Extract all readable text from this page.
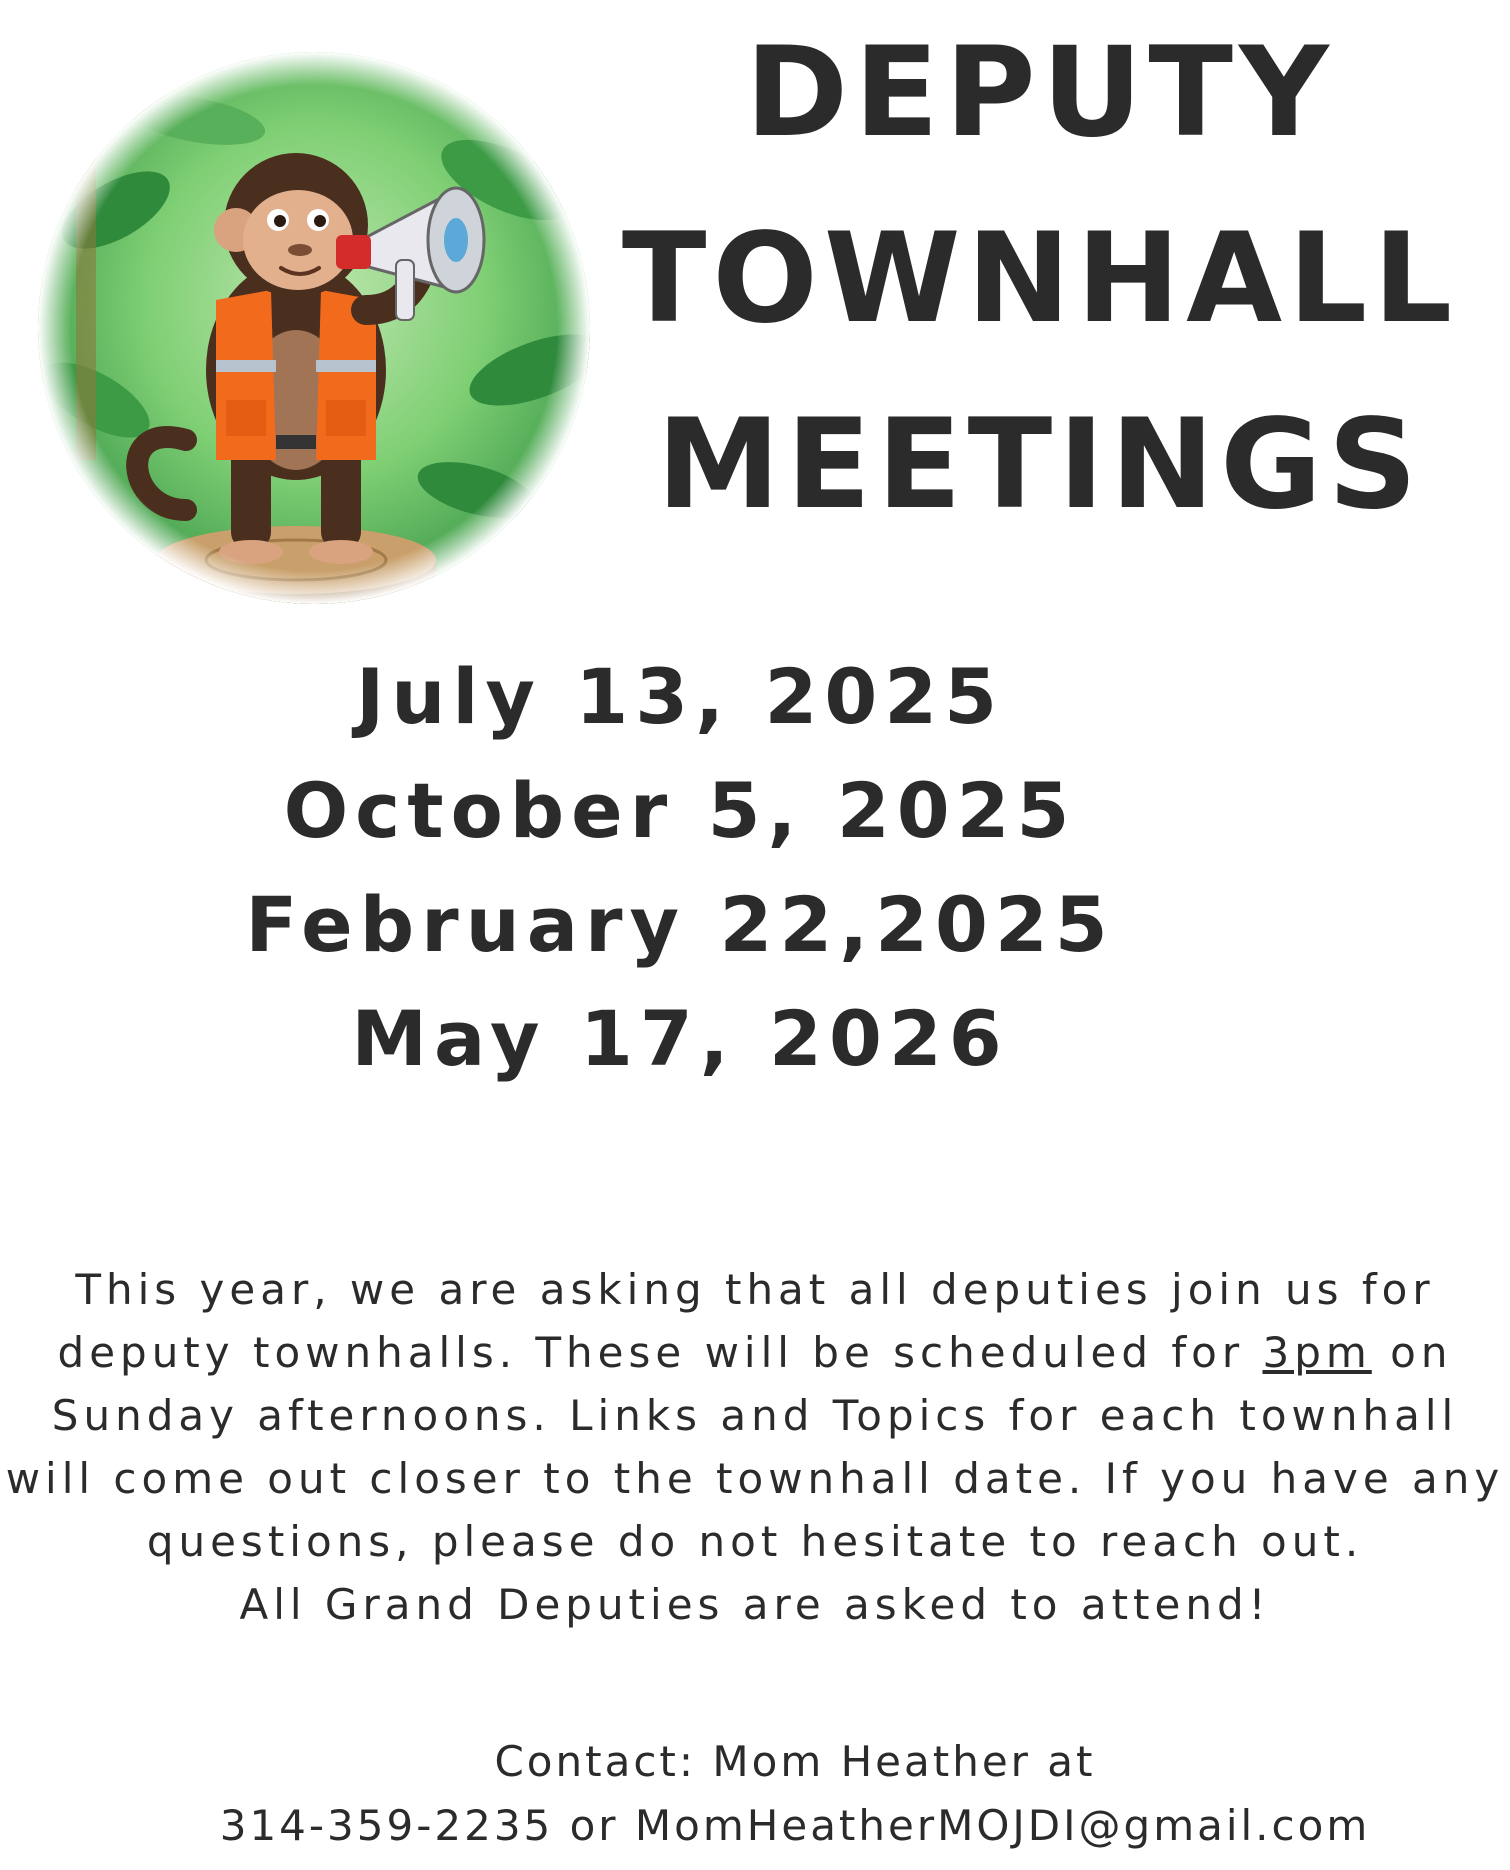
DEPUTY
TOWNHALL
MEETINGS
July 13, 2025
October 5, 2025
February 22,2025
May 17, 2026
This year, we are asking that all deputies join us for deputy townhalls. These will be scheduled for 3pm on Sunday afternoons. Links and Topics for each townhall will come out closer to the townhall date. If you have any questions, please do not hesitate to reach out.
All Grand Deputies are asked to attend!
Contact: Mom Heather at
314-359-2235 or MomHeatherMOJDI@gmail.com
